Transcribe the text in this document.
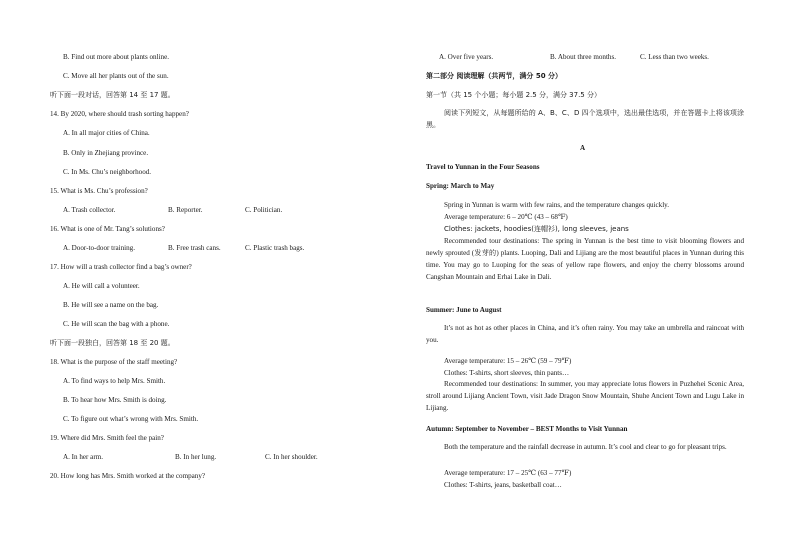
B. Find out more about plants online.
C. Move all her plants out of the sun.
听下面一段对话，回答第 14 至 17 题。
14. By 2020, where should trash sorting happen?
A. In all major cities of China.
B. Only in Zhejiang province.
C. In Ms. Chu’s neighborhood.
15. What is Ms. Chu’s profession?
A. Trash collector.	B. Reporter.	C. Politician.
16. What is one of Mr. Tang’s solutions?
A. Door-to-door training.	B. Free trash cans.	C. Plastic trash bags.
17. How will a trash collector find a bag’s owner?
A. He will call a volunteer.
B. He will see a name on the bag.
C. He will scan the bag with a phone.
听下面一段独白，回答第 18 至 20 题。
18. What is the purpose of the staff meeting?
A. To find ways to help Mrs. Smith.
B. To hear how Mrs. Smith is doing.
C. To figure out what’s wrong with Mrs. Smith.
19. Where did Mrs. Smith feel the pain?
A. In her arm.	B. In her lung.	C. In her shoulder.
20. How long has Mrs. Smith worked at the company?
A. Over five years.	B. About three months.	C. Less than two weeks.
第二部分 阅读理解（共两节，满分 50 分）
第一节（共 15 个小题；每小题 2.5 分，满分 37.5 分）
阅读下列短文，从每题所给的 A、B、C、D 四个选项中，选出最佳选项，并在答题卡上将该项涂黑。
A
Travel to Yunnan in the Four Seasons
Spring: March to May
Spring in Yunnan is warm with few rains, and the temperature changes quickly.
Average temperature: 6 – 20℃ (43 – 68℉)
Clothes: jackets, hoodies(连帽衫), long sleeves, jeans
Recommended tour destinations: The spring in Yunnan is the best time to visit blooming flowers and newly sprouted (发芽的) plants. Luoping, Dali and Lijiang are the most beautiful places in Yunnan during this time. You may go to Luoping for the seas of yellow rape flowers, and enjoy the cherry blossoms around Cangshan Mountain and Erhai Lake in Dali.
Summer: June to August
It’s not as hot as other places in China, and it’s often rainy. You may take an umbrella and raincoat with you.
Average temperature: 15 – 26℃ (59 – 79℉)
Clothes: T-shirts, short sleeves, thin pants…
Recommended tour destinations: In summer, you may appreciate lotus flowers in Puzhehei Scenic Area, stroll around Lijiang Ancient Town, visit Jade Dragon Snow Mountain, Shuhe Ancient Town and Lugu Lake in Lijiang.
Autumn: September to November – BEST Months to Visit Yunnan
Both the temperature and the rainfall decrease in autumn. It’s cool and clear to go for pleasant trips.
Average temperature: 17 – 25℃ (63 – 77℉)
Clothes: T-shirts, jeans, basketball coat…
